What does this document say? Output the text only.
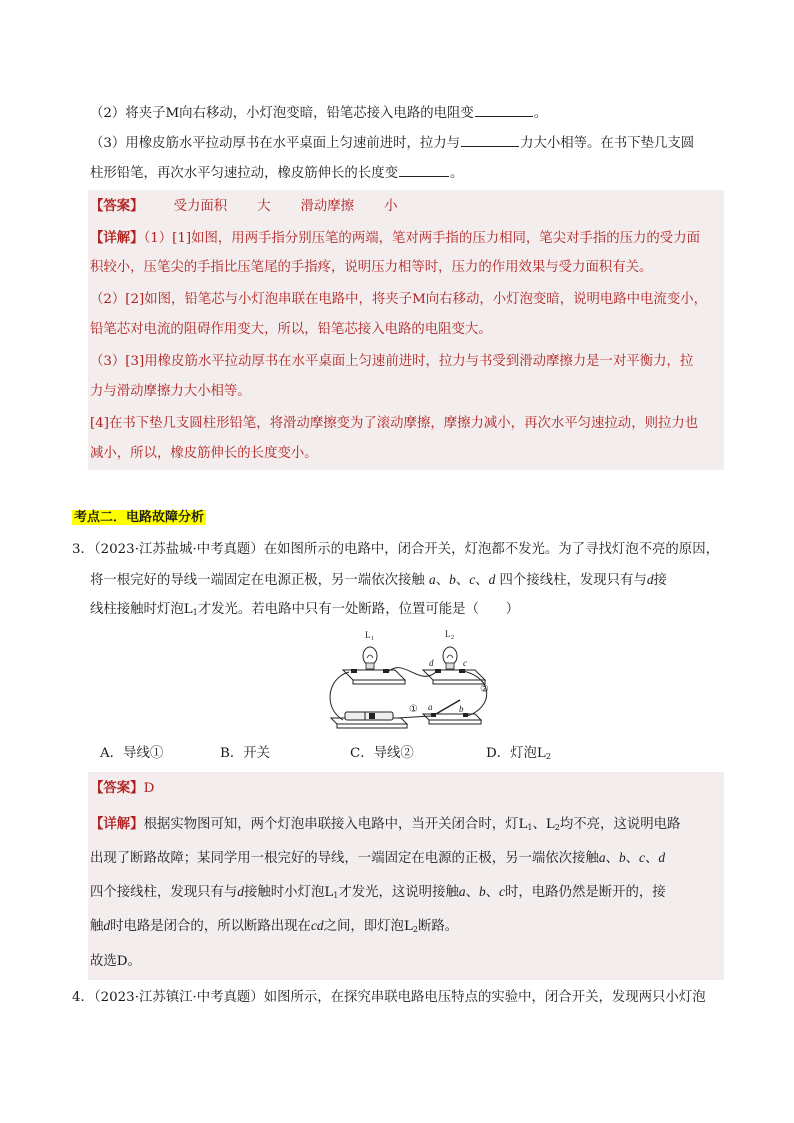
（2）将夹子M向右移动，小灯泡变暗，铅笔芯接入电路的电阻变	。
（3）用橡皮筋水平拉动厚书在水平桌面上匀速前进时，拉力与	力大小相等。在书下垫几支圆
柱形铅笔，再次水平匀速拉动，橡皮筋伸长的长度变	。
【答案】 受力面积 大 滑动摩擦 小
【详解】（1）[1]如图，用两手指分别压笔的两端，笔对两手指的压力相同，笔尖对手指的压力的受力面
积较小，压笔尖的手指比压笔尾的手指疼，说明压力相等时，压力的作用效果与受力面积有关。
（2）[2]如图，铅笔芯与小灯泡串联在电路中，将夹子M向右移动，小灯泡变暗，说明电路中电流变小，
铅笔芯对电流的阻碍作用变大，所以，铅笔芯接入电路的电阻变大。
（3）[3]用橡皮筋水平拉动厚书在水平桌面上匀速前进时，拉力与书受到滑动摩擦力是一对平衡力，拉
力与滑动摩擦力大小相等。
[4]在书下垫几支圆柱形铅笔，将滑动摩擦变为了滚动摩擦，摩擦力减小，再次水平匀速拉动，则拉力也
减小，所以，橡皮筋伸长的长度变小。
考点二．电路故障分析
3．（2023·江苏盐城·中考真题）在如图所示的电路中，闭合开关，灯泡都不发光。为了寻找灯泡不亮的原因，
将一根完好的导线一端固定在电源正极，另一端依次接触 a、b、c、d 四个接线柱，发现只有与d接
线柱接触时灯泡$L_1$才发光。若电路中只有一处断路，位置可能是（　　）
L 1	L 2
d	c
a	b
①
②
A．导线①	B．开关	C．导线②	D．灯泡$L_2$
【答案】D
【详解】根据实物图可知，两个灯泡串联接入电路中，当开关闭合时，灯$L_1$、$L_2$均不亮，这说明电路
出现了断路故障；某同学用一根完好的导线，一端固定在电源的正极，另一端依次接触a、b、c、d
四个接线柱，发现只有与d接触时小灯泡$L_1$才发光，这说明接触a、b、c时，电路仍然是断开的，接
触d时电路是闭合的，所以断路出现在cd之间，即灯泡$L_2$断路。
故选D。
4．（2023·江苏镇江·中考真题）如图所示，在探究串联电路电压特点的实验中，闭合开关，发现两只小灯泡
